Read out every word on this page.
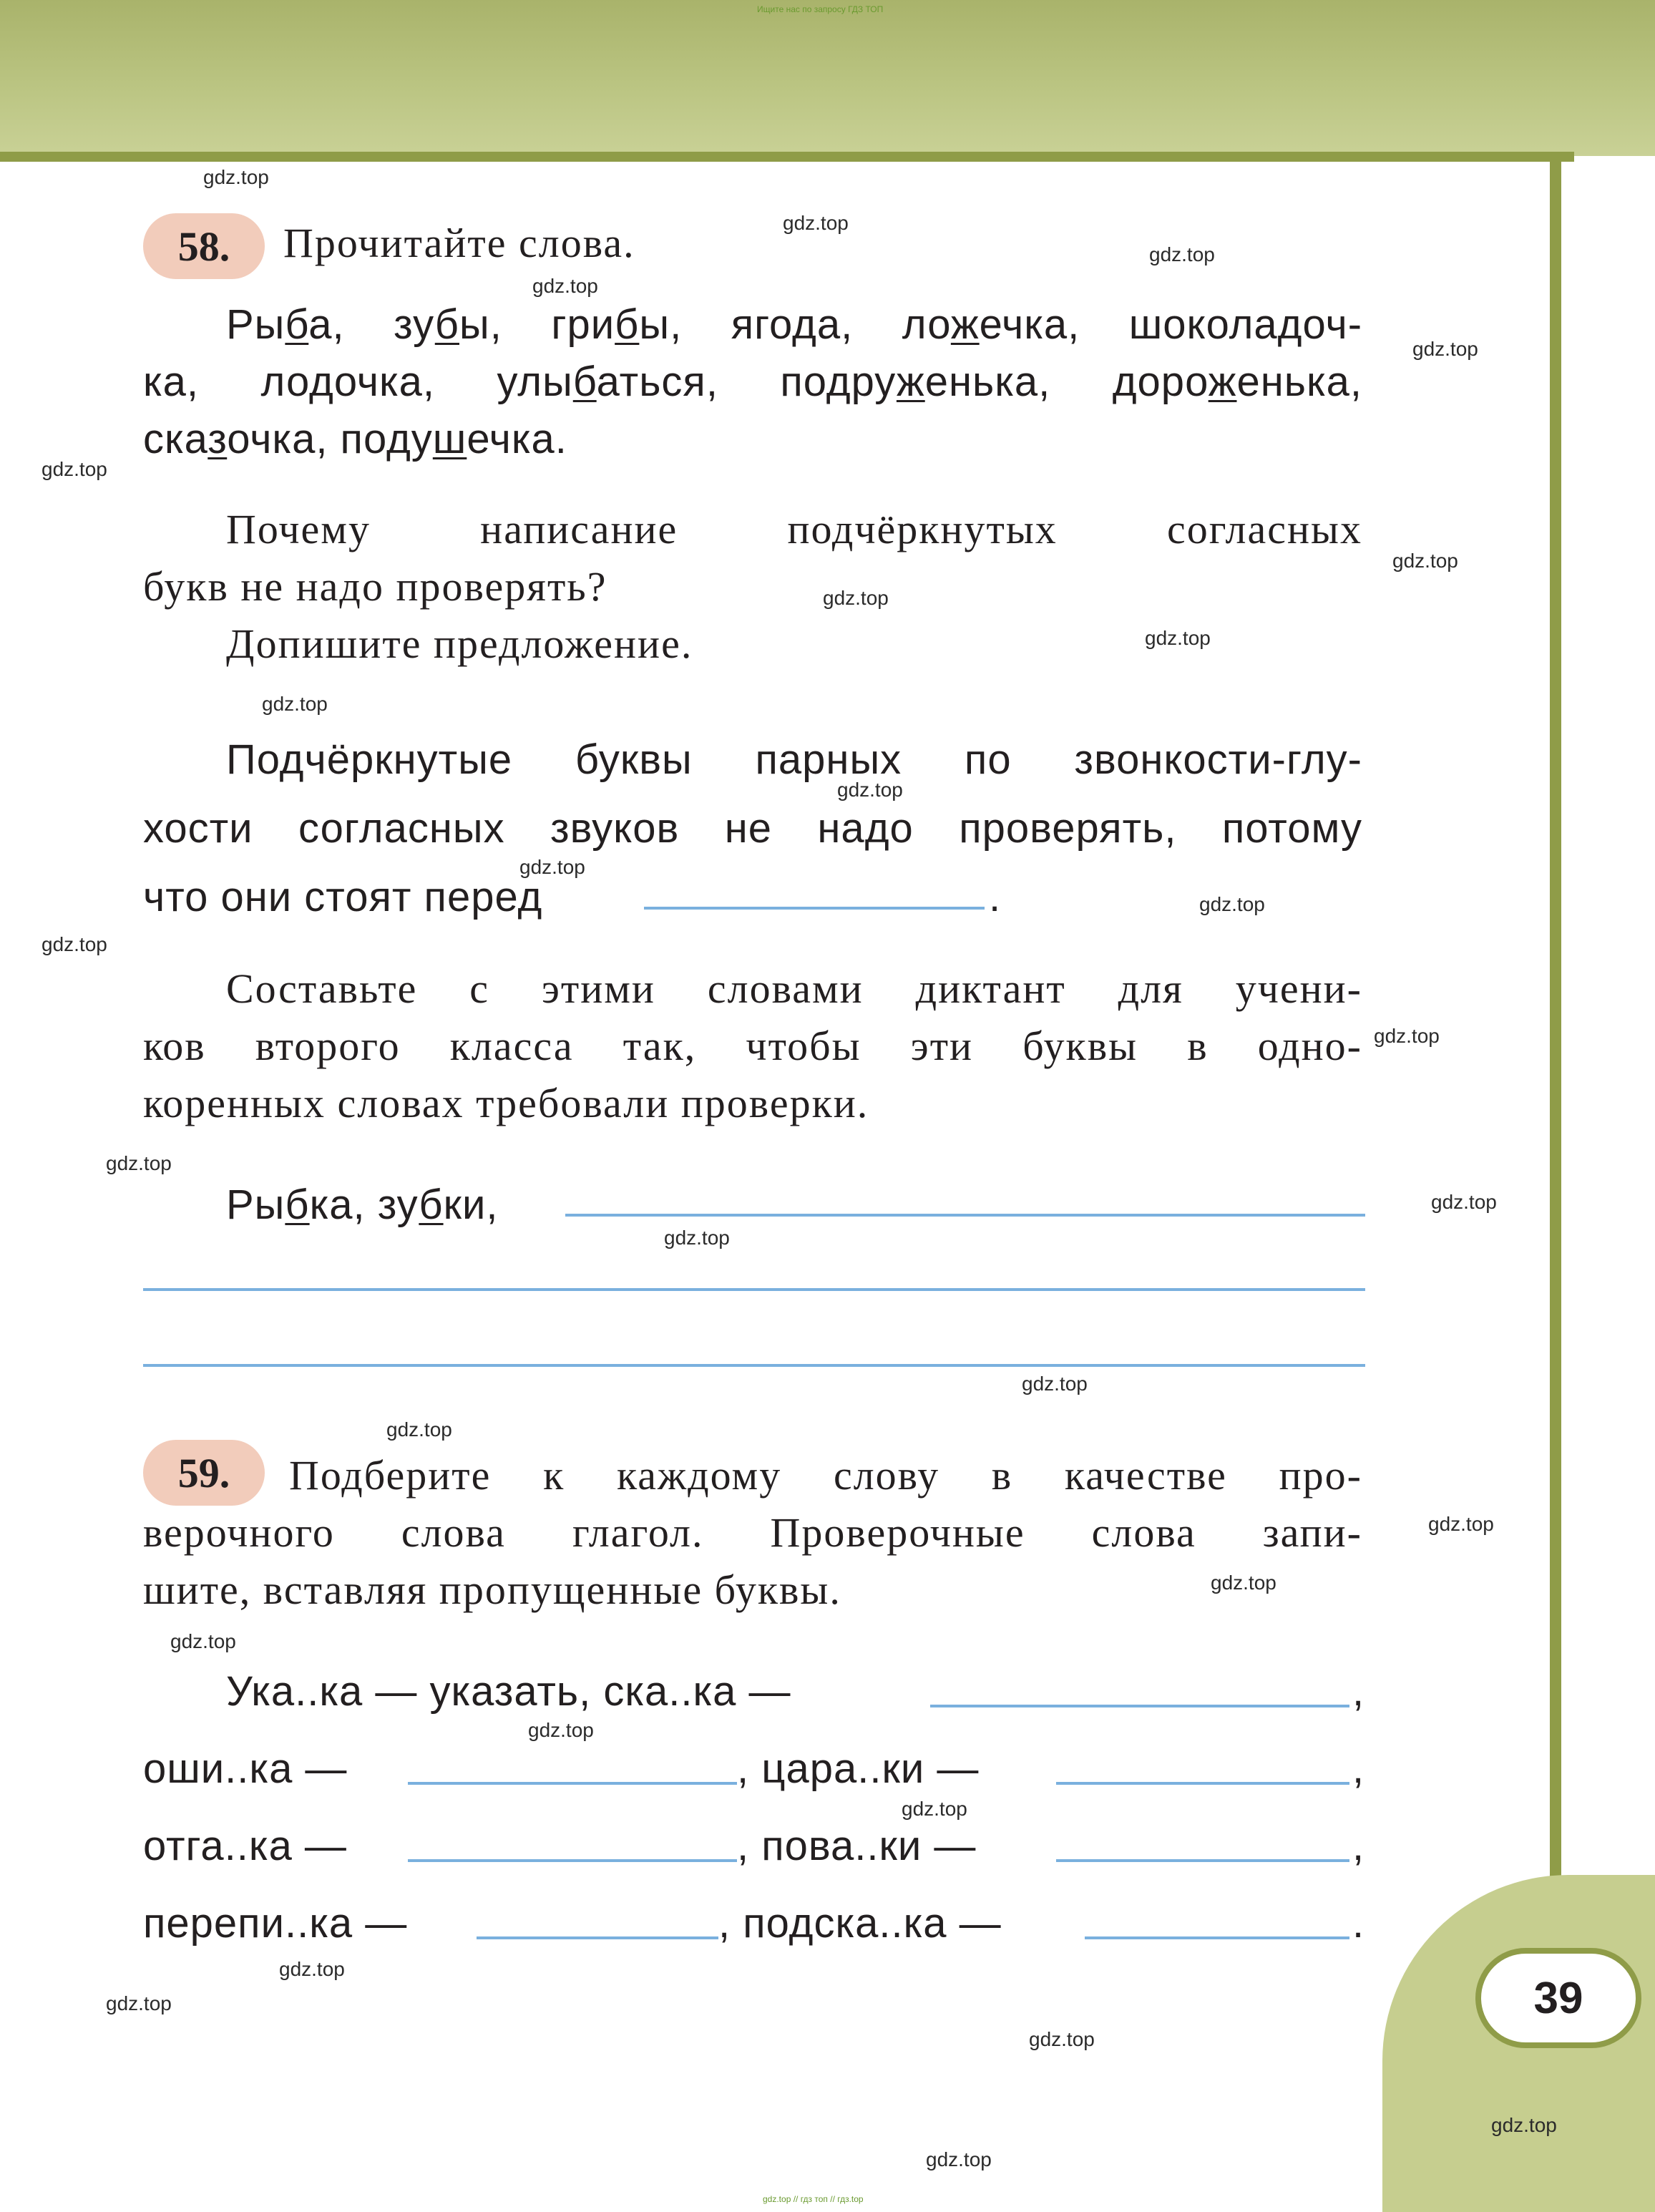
39
Ищите нас по запросу ГДЗ ТОП
gdz.top // гдз топ // гдз.top
58.	Прочитайте слова.
Рыба, зубы, грибы, ягода, ложечка, шоколадоч-
ка, лодочка, улыбаться, подруженька, дороженька,
сказочка, подушечка.
Почему написание подчёркнутых согласных
букв не надо проверять?
Допишите предложение.
Подчёркнутые буквы парных по звонкости-глу-
хости согласных звуков не надо проверять, потому
что они стоят перед	.
Составьте с этими словами диктант для учени-
ков второго класса так, чтобы эти буквы в одно-
коренных словах требовали проверки.
Рыбка, зубки,
59.	Подберите к каждому слову в качестве про-
верочного слова глагол. Проверочные слова запи-
шите, вставляя пропущенные буквы.
Ука..ка — указать, ска..ка —	,
оши..ка —	, цара..ки —	,
отга..ка —	, пова..ки —	,
перепи..ка —	, подска..ка —	.
gdz.top
gdz.top
gdz.top
gdz.top
gdz.top
gdz.top
gdz.top
gdz.top
gdz.top
gdz.top
gdz.top
gdz.top
gdz.top
gdz.top
gdz.top
gdz.top
gdz.top
gdz.top
gdz.top
gdz.top
gdz.top
gdz.top
gdz.top
gdz.top
gdz.top
gdz.top
gdz.top
gdz.top
gdz.top
gdz.top
